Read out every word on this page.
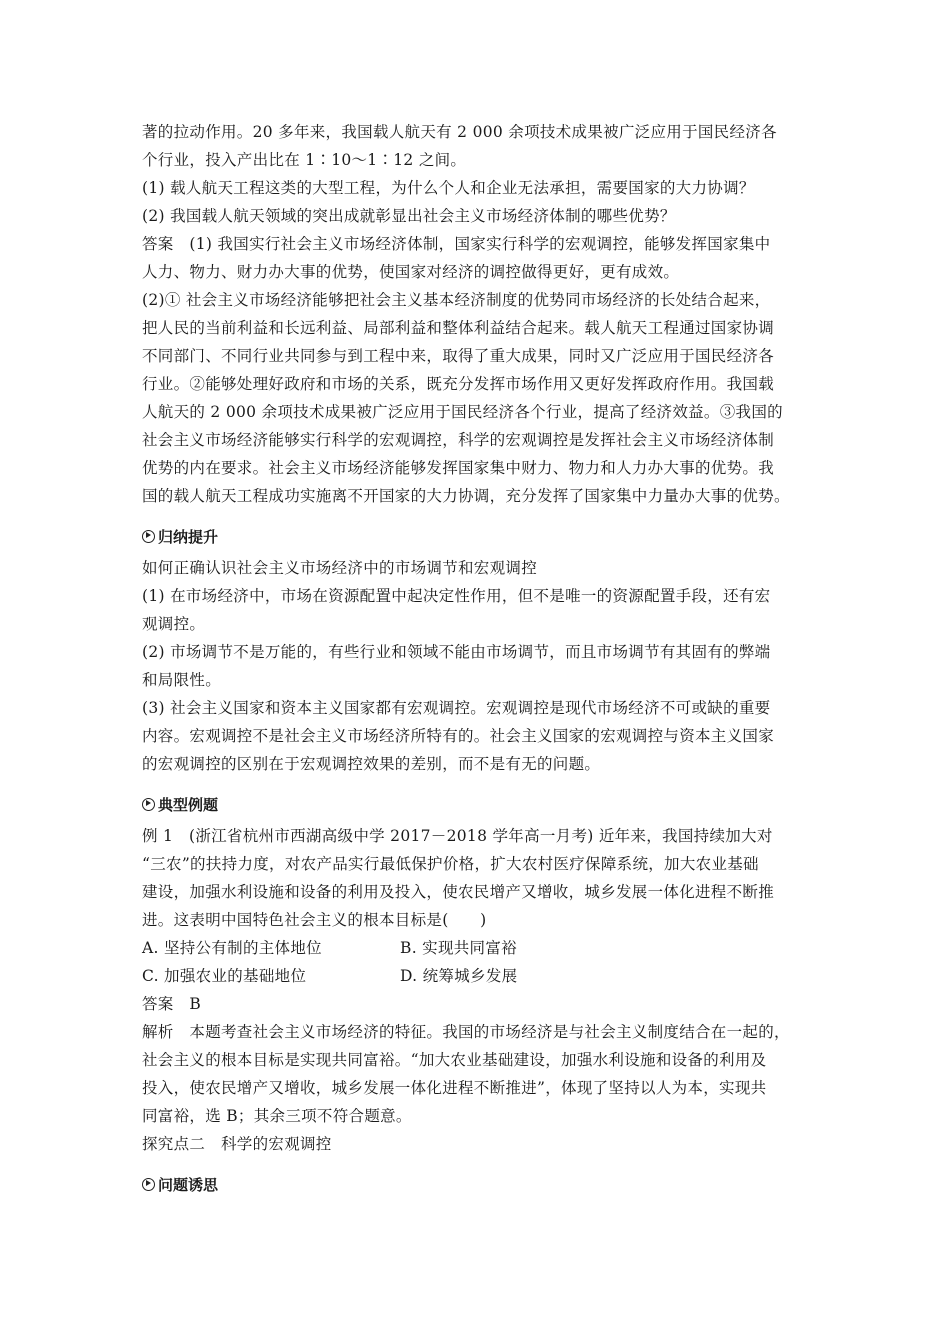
著的拉动作用。20 多年来，我国载人航天有 2 000 余项技术成果被广泛应用于国民经济各
个行业，投入产出比在 1∶10～1∶12 之间。
(1) 载人航天工程这类的大型工程，为什么个人和企业无法承担，需要国家的大力协调？
(2) 我国载人航天领域的突出成就彰显出社会主义市场经济体制的哪些优势？
答案　(1) 我国实行社会主义市场经济体制，国家实行科学的宏观调控，能够发挥国家集中
人力、物力、财力办大事的优势，使国家对经济的调控做得更好，更有成效。
(2)① 社会主义市场经济能够把社会主义基本经济制度的优势同市场经济的长处结合起来，
把人民的当前利益和长远利益、局部利益和整体利益结合起来。载人航天工程通过国家协调
不同部门、不同行业共同参与到工程中来，取得了重大成果，同时又广泛应用于国民经济各
行业。②能够处理好政府和市场的关系，既充分发挥市场作用又更好发挥政府作用。我国载
人航天的 2 000 余项技术成果被广泛应用于国民经济各个行业，提高了经济效益。③我国的
社会主义市场经济能够实行科学的宏观调控，科学的宏观调控是发挥社会主义市场经济体制
优势的内在要求。社会主义市场经济能够发挥国家集中财力、物力和人力办大事的优势。我
国的载人航天工程成功实施离不开国家的大力协调，充分发挥了国家集中力量办大事的优势。
归纳提升
如何正确认识社会主义市场经济中的市场调节和宏观调控
(1) 在市场经济中，市场在资源配置中起决定性作用，但不是唯一的资源配置手段，还有宏
观调控。
(2) 市场调节不是万能的，有些行业和领域不能由市场调节，而且市场调节有其固有的弊端
和局限性。
(3) 社会主义国家和资本主义国家都有宏观调控。宏观调控是现代市场经济不可或缺的重要
内容。宏观调控不是社会主义市场经济所特有的。社会主义国家的宏观调控与资本主义国家
的宏观调控的区别在于宏观调控效果的差别，而不是有无的问题。
典型例题
例 1　(浙江省杭州市西湖高级中学 2017－2018 学年高一月考) 近年来，我国持续加大对
“三农”的扶持力度，对农产品实行最低保护价格，扩大农村医疗保障系统，加大农业基础
建设，加强水利设施和设备的利用及投入，使农民增产又增收，城乡发展一体化进程不断推
进。这表明中国特色社会主义的根本目标是(　　)
A. 坚持公有制的主体地位	B. 实现共同富裕
C. 加强农业的基础地位	D. 统筹城乡发展
答案　B
解析　本题考查社会主义市场经济的特征。我国的市场经济是与社会主义制度结合在一起的，
社会主义的根本目标是实现共同富裕。“加大农业基础建设，加强水利设施和设备的利用及
投入，使农民增产又增收，城乡发展一体化进程不断推进”，体现了坚持以人为本，实现共
同富裕，选 B；其余三项不符合题意。
探究点二　科学的宏观调控
问题诱思
